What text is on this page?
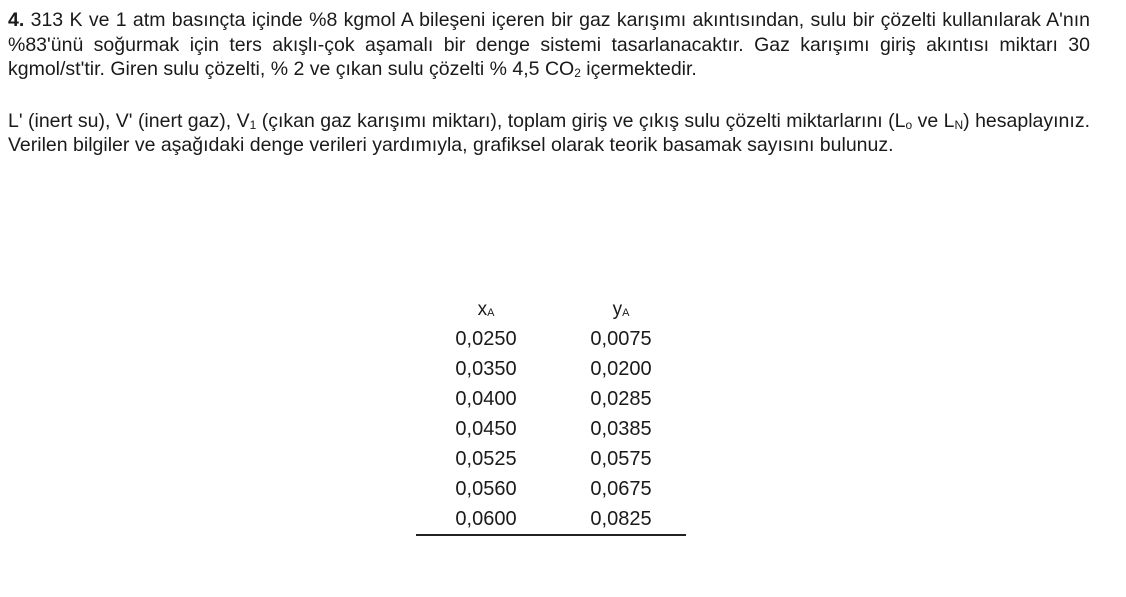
4. 313 K ve 1 atm basınçta içinde %8 kgmol A bileşeni içeren bir gaz karışımı akıntısından, sulu bir çözelti kullanılarak A'nın %83'ünü soğurmak için ters akışlı-çok aşamalı bir denge sistemi tasarlanacaktır. Gaz karışımı giriş akıntısı miktarı 30 kgmol/st'tir. Giren sulu çözelti, % 2 ve çıkan sulu çözelti % 4,5 $CO_2$ içermektedir.

L' (inert su), V' (inert gaz), $V_1$ (çıkan gaz karışımı miktarı), toplam giriş ve çıkış sulu çözelti miktarlarını ($L_o$ ve $L_N$) hesaplayınız. Verilen bilgiler ve aşağıdaki denge verileri yardımıyla, grafiksel olarak teorik basamak sayısını bulunuz.

$x_A$	$y_A$
0,0250	0,0075
0,0350	0,0200
0,0400	0,0285
0,0450	0,0385
0,0525	0,0575
0,0560	0,0675
0,0600	0,0825
